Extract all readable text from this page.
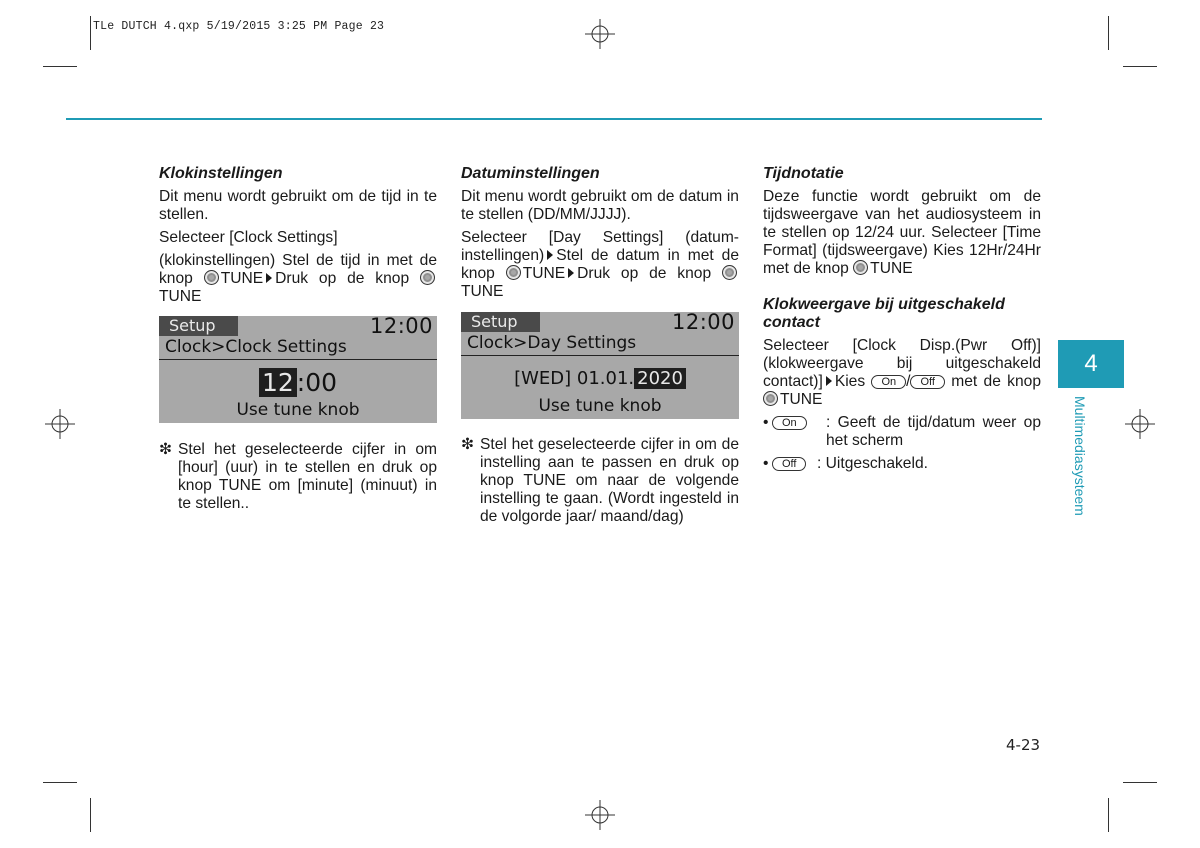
TLe DUTCH 4.qxp 5/19/2015 3:25 PM Page 23

Klokinstellingen

Dit menu wordt gebruikt om de tijd in te stellen.

Selecteer [Clock Settings]

(klokinstellingen) Stel de tijd in met de knop TUNE Druk op de knop TUNE

Setup	12:00
Clock>Clock Settings
12 :00
Use tune knob

❇ Stel het geselecteerde cijfer in om [hour] (uur) in te stellen en druk op knop TUNE om [minute] (minuut) in te stellen..

Datuminstellingen

Dit menu wordt gebruikt om de datum in te stellen (DD/MM/JJJJ).

Selecteer [Day Settings] (datum-instellingen) Stel de datum in met de knop TUNE Druk op de knop TUNE

Setup	12:00
Clock>Day Settings
[WED] 01.01. 2020
Use tune knob

❇ Stel het geselecteerde cijfer in om de instelling aan te passen en druk op knop TUNE om naar de volgende instelling te gaan. (Wordt ingesteld in de volgorde jaar/ maand/dag)

Tijdnotatie

Deze functie wordt gebruikt om de tijdsweergave van het audiosysteem in te stellen op 12/24 uur. Selecteer [Time Format] (tijdsweergave) Kies 12Hr/24Hr met de knop TUNE

Klokweergave bij uitgeschakeld contact

Selecteer [Clock Disp.(Pwr Off)] (klokweergave bij uitgeschakeld contact)] Kies On / Off met de knop TUNE

•	On	: Geeft de tijd/datum weer op het scherm

•	Off	: Uitgeschakeld.

4
Multimediasysteem
4-23
